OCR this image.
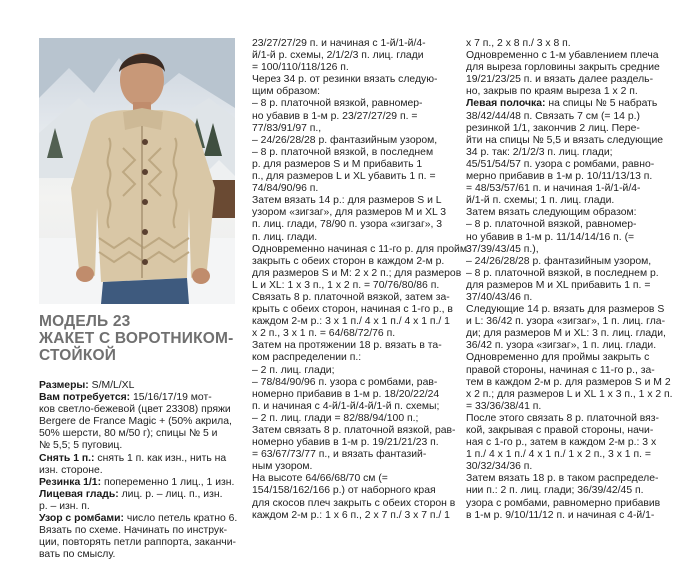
МОДЕЛЬ 23
ЖАКЕТ С ВОРОТНИКОМ-
СТОЙКОЙ

Размеры: S/M/L/XL

Вам потребуется: 15/16/17/19 мот-

ков светло-бежевой (цвет 23308) пряжи

Bergere de France Magic + (50% акрила,

50% шерсти, 80 м/50 г); спицы № 5 и

№ 5,5; 5 пуговиц.

Снять 1 п.: снять 1 п. как изн., нить на

изн. стороне.

Резинка 1/1: попеременно 1 лиц., 1 изн.

Лицевая гладь: лиц. р. – лиц. п., изн.

р. – изн. п.

Узор с ромбами: число петель кратно 6.

Вязать по схеме. Начинать по инструк-

ции, повторять петли раппорта, заканчи-

вать по смыслу.

23/27/27/29 п. и начиная с 1-й/1-й/4-

й/1-й р. схемы, 2/1/2/3 п. лиц. глади

= 100/110/118/126 п.

Через 34 р. от резинки вязать следую-

щим образом:

– 8 р. платочной вязкой, равномер-

но убавив в 1-м р. 23/27/27/29 п. =

77/83/91/97 п.,

– 24/26/28/28 р. фантазийным узором,

– 8 р. платочной вязкой, в последнем

р. для размеров S и M прибавить 1

п., для размеров L и XL убавить 1 п. =

74/84/90/96 п.

Затем вязать 14 р.: для размеров S и L

узором «зигзаг», для размеров M и XL 3

п. лиц. глади, 78/90 п. узора «зигзаг», 3

п. лиц. глади.

Одновременно начиная с 11-го р. для пройм

закрыть с обеих сторон в каждом 2-м р.

для размеров S и M: 2 х 2 п.; для размеров

L и XL: 1 х 3 п., 1 х 2 п. = 70/76/80/86 п.

Связать 8 р. платочной вязкой, затем за-

крыть с обеих сторон, начиная с 1-го р., в

каждом 2-м р.: 3 х 1 п./ 4 х 1 п./ 4 х 1 п./ 1

х 2 п., 3 х 1 п. = 64/68/72/76 п.

Затем на протяжении 18 р. вязать в та-

ком распределении п.:

– 2 п. лиц. глади;

– 78/84/90/96 п. узора с ромбами, рав-

номерно прибавив в 1-м р. 18/20/22/24

п. и начиная с 4-й/1-й/4-й/1-й п. схемы;

– 2 п. лиц. глади = 82/88/94/100 п.;

Затем связать 8 р. платочной вязкой, рав-

номерно убавив в 1-м р. 19/21/21/23 п.

= 63/67/73/77 п., и вязать фантазий-

ным узором.

На высоте 64/66/68/70 см (=

154/158/162/166 р.) от наборного края

для скосов плеч закрыть с обеих сторон в

каждом 2-м р.: 1 х 6 п., 2 х 7 п./ 3 х 7 п./ 1

х 7 п., 2 х 8 п./ 3 х 8 п.

Одновременно с 1-м убавлением плеча

для выреза горловины закрыть средние

19/21/23/25 п. и вязать далее раздель-

но, закрыв по краям выреза 1 х 2 п.

Левая полочка: на спицы № 5 набрать

38/42/44/48 п. Связать 7 см (= 14 р.)

резинкой 1/1, закончив 2 лиц. Пере-

йти на спицы № 5,5 и вязать следующие

34 р. так: 2/1/2/3 п. лиц. глади;

45/51/54/57 п. узора с ромбами, равно-

мерно прибавив в 1-м р. 10/11/13/13 п.

= 48/53/57/61 п. и начиная 1-й/1-й/4-

й/1-й п. схемы; 1 п. лиц. глади.

Затем вязать следующим образом:

– 8 р. платочной вязкой, равномер-

но убавив в 1-м р. 11/14/14/16 п. (=

37/39/43/45 п.),

– 24/26/28/28 р. фантазийным узором,

– 8 р. платочной вязкой, в последнем р.

для размеров M и XL прибавить 1 п. =

37/40/43/46 п.

Следующие 14 р. вязать для размеров S

и L: 36/42 п. узора «зигзаг», 1 п. лиц. гла-

ди; для размеров M и XL: 3 п. лиц. глади,

36/42 п. узора «зигзаг», 1 п. лиц. глади.

Одновременно для проймы закрыть с

правой стороны, начиная с 11-го р., за-

тем в каждом 2-м р. для размеров S и M 2

х 2 п.; для размеров L и XL 1 х 3 п., 1 х 2 п.

= 33/36/38/41 п.

После этого связать 8 р. платочной вяз-

кой, закрывая с правой стороны, начи-

ная с 1-го р., затем в каждом 2-м р.: 3 х

1 п./ 4 х 1 п./ 4 х 1 п./ 1 х 2 п., 3 х 1 п. =

30/32/34/36 п.

Затем вязать 18 р. в таком распределе-

нии п.: 2 п. лиц. глади; 36/39/42/45 п.

узора с ромбами, равномерно прибавив

в 1-м р. 9/10/11/12 п. и начиная с 4-й/1-
